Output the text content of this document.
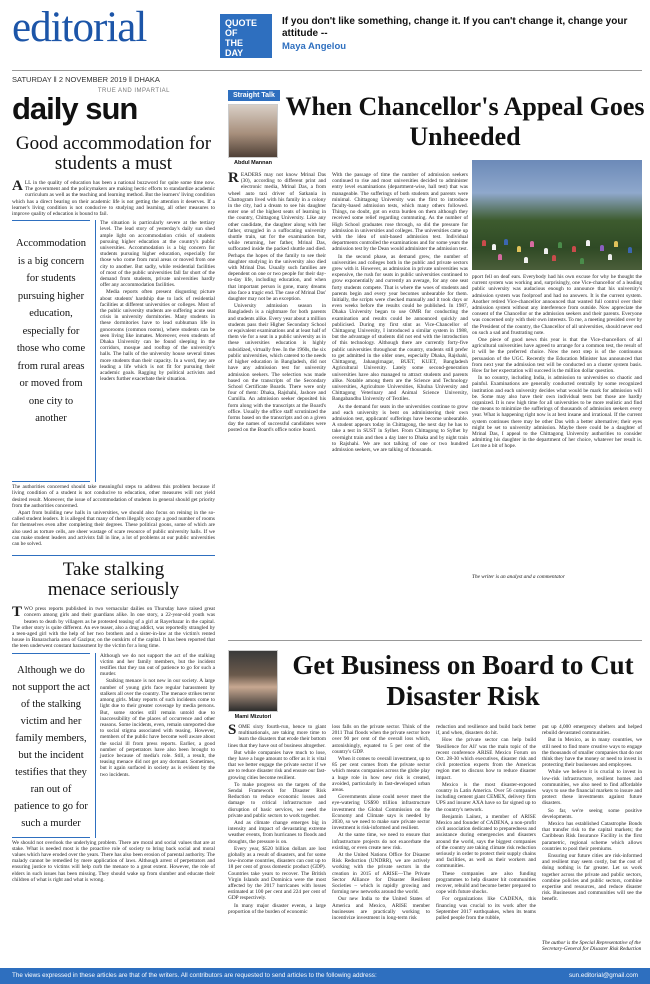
editorial	QUOTE OF
THE
DAY
If you don't like something, change it. If you can't change it, change your attitude --
Maya Angelou
SATURDAY ‖ 2 NOVEMBER 2019 ‖ DHAKA
TRUE AND IMPARTIAL
daily sun
Good accommodation for students a must

ALL in the quality of education has been a national buzzword for quite some time now. The government and the policymakers are making hectic efforts to standardize academic curriculum as well as the teaching and learning method. But the learners' living condition which has a direct bearing on their academic life is not getting the attention it deserves. If a learner's living condition is not conducive to studying and learning, all other measures to improve quality of education is bound to fail.

Accommodation is a big concern for students pursuing higher education, especially for those who come from rural areas or moved from one city to another

The situation is particularly severe at the tertiary level. The lead story of yesterday's daily sun shed ample light on accommodation crisis of students pursuing higher education at the country's public universities. Accommodation is a big concern for students pursuing higher education, especially for those who come from rural areas or moved from one city to another. But sadly, while residential facilities of most of the public universities fall far short of the demand from students, private universities hardly offer any accommodation facilities.

Media reports often present disgusting picture about students' hardship due to lack of residential facilities at different universities or colleges. Most of the public university students are suffering acute seat crisis in university dormitories. Many students in these dormitories have to lead subhuman life in gonorooms (common rooms), where students can be seen living like inmates. Moreover, even students of Dhaka University can be found sleeping in the corridors, mosque and rooftop of the university's halls. The halls of the university house several times more students than their capacity. In a word, they are leading a life which is not fit for pursuing their academic goals. Ragging by political activists and leaders further exacerbate their situation.

The authorities concerned should take meaningful steps to address this problem because if living condition of a student is not conducive to education, other measures will not yield desired result. Moreover, the issue of accommodation of students in general should get priority from the authorities concerned.

Apart from building new halls in universities, we should also focus on reining in the so-called student leaders. It is alleged that many of them illegally occupy a good number of rooms for themselves even after completing their degrees. These political goons, some of which are also used as torture cells, are sheer wastage of scare resource of public university halls. If we can make student leaders and activists fall in line, a lot of problems at our public universities can be solved.

Take stalking menace seriously

TWO press reports published in two vernacular dailies on Thursday have raised great concern among girls and their guardians alike. In one story, a 22-year-old youth was beaten to death by villagers as he protested teasing of a girl at Rayerbazar in the capital. The other story is quite different. An eve teaser, also a drug addict, was reportedly strangled by a teen-aged girl with the help of her two brothers and a sister-in-law at the victim's rented house in Banaracharia area of Gazipur, on the outskirts of the capital. It has been reported that the teen underwent constant harassment by the victim for a long time.

Although we do not support the act of the stalking victim and her family members, but the incident testifies that they ran out of patience to go for such a murder

Although we do not support the act of the stalking victim and her family members, but the incident testifies that they ran out of patience to go for such a murder.

Stalking menace is not new in our society. A large number of young girls face regular harassment by stalkers all over the country. The menace strikes terror among girls. Many reports of such incidents come to light due to their greater coverage by media persons. But, some stories still remain untold due to inaccessibility of the places of occurrence and other reasons. Some incidents, even, remain unreported due to social stigma associated with teasing. However, members of the public have become well aware about the social ill from press reports. Earlier, a good number of perpetrators have also been brought to justice because of media's role. Still, a result, the teasing menace did not get any dormant. Sometimes, but it again surfaced in society as is evident by the two incidents.

We should not overlook the underlying problem. There are moral and social values that are at stake. What is needed most is the proactive role of society to bring back social and moral values which have eroded over the years. There has also been erosion of parental authority. The malady cannot be remedied by mere application of laws. Although arrest of perpetrators and ensuring justice to victims will help curb the menace to a great extent. However, the role of elders in such issues has been missing. They should wake up from slumber and educate their children of what is right and what is wrong.

Straight Talk
Abdul Mannan
When Chancellor's Appeal Goes Unheeded

READERS may not know Mrinal Das (30), according to different print and electronic media, Mrinal Das, a from wheel auto taxi driver of Satkania in Chattogram lived with his family in a colony in the city, had a dream to see his daughter enter one of the highest seats of learning in the country, Chittagong University. Like any other candidate, the daughter along with her father, struggled in a suffocating university shuttle train, sat for the examination but, while returning, her father, Mrinal Das, suffocated inside the packed shuttle and died. Perhaps the hopes of the family to see their daughter studying in the university also died with Mrinal Das. Usually such families are dependent on one or two people for their day-to-day life, including education, and when that important person is gone, many dreams also face a tragic end. The case of Mrinal Das' daughter may not be an exception.

University admission season in Bangladesh is a nightmare for both parents and students alike. Every year about a million students pass their Higher Secondary School or equivalent examinations and at least half of them vie for a seat in a public university as in these universities education is highly subsidized, virtually free. In the 1960s, the six public universities, which catered to the needs of higher education in Bangladesh, did not have any admission test for university admission seekers. The selection was made based on the transcripts of the Secondary School Certificate Boards. There were only four of them: Dhaka, Rajshahi, Jashore and Cumilla. An admission seeker deposited his form along with the transcripts at the Board's office. Usually the office staff scrutinized the forms based on the transcripts and on a given day the names of successful candidates were posted on the Board's office notice board.

With the passage of time the number of admission seekers continued to rise and most universities decided to administer entry level examinations (department-wise, hall test) that was manageable. The sufferings of both students and parents were minimal. Chittagong University was the first to introduce faculty-based admission tests, which many others followed. Things, no doubt, got on extra burden on them although they received some relief regarding commuting. As the number of High School graduates rose through, so did the pressure for admission in universities and colleges. The universities came up with the idea of unit-based admission test. Individual departments controlled the examinations and for some years the admission test by the Dean would administer the admission test.

In the second phase, as demand grew, the number of universities and colleges both in the public and private sectors grew with it. However, as admission in private universities was expensive, the rush for seats in public universities continued to grow exponentially and currently an average, for any one seat forty students compete. That is where the woes of students and parents begin and every year becomes unbearable for them. Initially, the scripts were checked manually and it took days or even weeks before the results could be published. In 1987, Dhaka University began to use OMR for conducting the examination and results could be announced quickly and publicised. During my first stint as Vice-Chancellor of Chittagong University, I introduced a similar system in 1988, but the advantage of students did not end with the introduction of this technology. Although there are currently forty-five public universities throughout the country, students still prefer to get admitted in the older ones, especially Dhaka, Rajshahi, Chittagong, Jahangirnagar, BUET, KUET, Bangladesh Agricultural University. Lately some second-generation universities have also managed to attract students and parents alike. Notable among them are the Science and Technology universities, Agriculture Universities, Khulna University and Chittagong Veterinary and Animal Science University, Bangabandhu University of Textiles.

As the demand for seats in the universities continue to grow and each university is bent on administering their own admission test, applicants' sufferings have become unbearable. A student appears today in Chittagong, the next day he has to take a test in SUST in Sylhet. From Chittagong to Sylhet by overnight train and then a day later to Dhaka and by night train to Rajshahi. We are not talking of one or two hundred admission seekers, we are talking of thousands.

pport fell on deaf ears. Everybody had his own excuse for why he thought the current system was working and, surprisingly, one Vice-chancellor of a leading public university was audacious enough to announce that his university's admission system was foolproof and had no answers. It is the current system. Another retired Vice-chancellor announced that wanted full control over their admission system without any interference from outside. Now appreciate the consent of the Chancellor or the admission seekers and their parents. Everyone was concerned only with their own interests. To me, a meeting presided over by the President of the country, the Chancellor of all universities, should never end on such a sad and frustrating note.

One piece of good news this year is that the Vice-chancellors of all agricultural universities have agreed to arrange for a common test, the result of it will be the preferred choice. Now the next step is of the continuous persuasion of the UGC. Recently the Education Minister has announced that from next year the admission test will be conducted on a cluster system basis. How far her expectation will succeed is the million dollar question.

In no country, including India, is admission to universities so chaotic and painful. Examinations are generally conducted centrally by some recognized institution and each university decides what would be mark for admission will be. Some may also have their own individual tests but those are hardly organized. It is now high time for all universities to be more realistic and find the means to minimize the sufferings of thousands of admission seekers every year. What is happening right now is at best insane and irrational. If the current system continues there may be other Das with a better alternative; their eyes might be set to university admission. Maybe there could be a daughter of Mrinal Das, I appeal to the Chittagong University authorities to consider admitting his daughter in the department of her choice, whatever her result is. Let me a bit of hope.

The writer is an analyst and a commentator
Mami Mizutori
Get Business on Board to Cut Disaster Risk

SOME sixty fourth-run, hence to giant multinationals, are taking more time to learn the disasters that erode their bottom lines that they have out of business altogether.

But while companies have much to lose, they have a huge amount to offer as it is vital that we better engage the private sector if we are to reduce disaster risk and ensure our fast-growing cities become resilient.

To make progress on the targets of the Sendai Framework for Disaster Risk Reduction to reduce economic losses and damage to critical infrastructure and disruption of basic services, we need the private and public sectors to work together.

And as climate change emerges big in intensity and impact of devastating extreme weather events, from hurricanes to floods and droughts, the pressure is on.

Every year, $520 billion dollars are lost globally as a result of disasters, and for some low-income countries, disasters can cost up to 18 per cent of gross domestic product (GDP). Countries take years to recover. The British Virgin Islands and Dominica were the most affected by the 2017 hurricanes with losses estimated at 100 per cent and 224 per cent of GDP respectively.

In many major disaster events, a large proportion of the burden of economic

loss falls on the private sector. Think of the 2011 Thai floods when the private sector bore over 90 per cent of the overall loss which, astonishingly, equated to 5 per cent of the country's GDP.

When it comes to overall investment, up to 85 per cent comes from the private sector which means companies across the globe play a huge role in how new risk is created, avoided, particularly in fast-developed urban areas.

Governments alone could never meet the eye-watering US$90 trillion infrastructure investment the Global Commission on the Economy and Climate says is needed by 2030, so we need to make sure private sector investment is risk-informed and resilient.

At the same time, we need to ensure that infrastructure projects do not exacerbate the existing, or even create new risk.

At the United Nations Office for Disaster Risk Reduction (UNDRR), we are actively working with the private sectors in the creation in 2015 of ARISE—The Private Sector Alliance for Disaster Resilient Societies – which is rapidly growing and forming new networks around the world.

Our new India to the United States of America and Mexico, ARISE member businesses are practically working to incentivize investment in long-term risk

reduction and resilience and build back better if, and when, disasters do hit.

How the private sector can help build 'Resilience for All' was the main topic of the recent conference ARISE Mexico Forum on Oct. 28-30 which executives, disaster risk and civil protection experts from the Americas region met to discuss how to reduce disaster impact.

Mexico is the most disaster-exposed country in Latin America. Over 56 companies including cement giant CEMEX, delivery firm UPS and insurer AXA have so far signed up to the country's network.

Benjamín Laínez, a member of ARISE Mexico and founder of CADENA, a non-profit civil association dedicated to preparedness and assistance during emergencies and disasters around the world, says the biggest companies of the country are taking climate risk reduction seriously in order to protect their supply chains and facilities, as well as their workers and communities.

These companies are also funding programmes to help disaster hit communities recover, rebuild and become better prepared to cope with future shocks.

For organizations like CADENA, this financing was crucial to its work after the September 2017 earthquakes, when its teams pulled people from the rubble,

put up 4,000 emergency shelters and helped rebuild devastated communities.

But in Mexico, as in many countries, we still need to find more creative ways to engage the thousands of smaller companies that do not think they have the money or need to invest in protecting their businesses and employees.

While we believe it is crucial to invest in low-risk infrastructure, resilient homes and communities, we also need to find affordable ways to use the financial markets to insure and protect these investments against future disasters.

So far, we're seeing some positive developments.

Mexico has established Catastrophe Bonds that transfer risk to the capital markets; the Caribbean Risk Insurance Facility is the first parametric, regional scheme which allows countries to pool their premiums.

Ensuring our future cities are risk-informed and resilient may seem costly, but the cost of doing nothing is far greater. Let us work together across the private and public sectors, combine policies and public sectors, combine expertise and resources, and reduce disaster risk. Businesses and communities will see the benefit.

The author is the Special Representative of the Secretary-General for Disaster Risk Reduction
The views expressed in these articles are that of the writers. All contributors are requested to send articles to the following address:	sun.editorial@gmail.com
